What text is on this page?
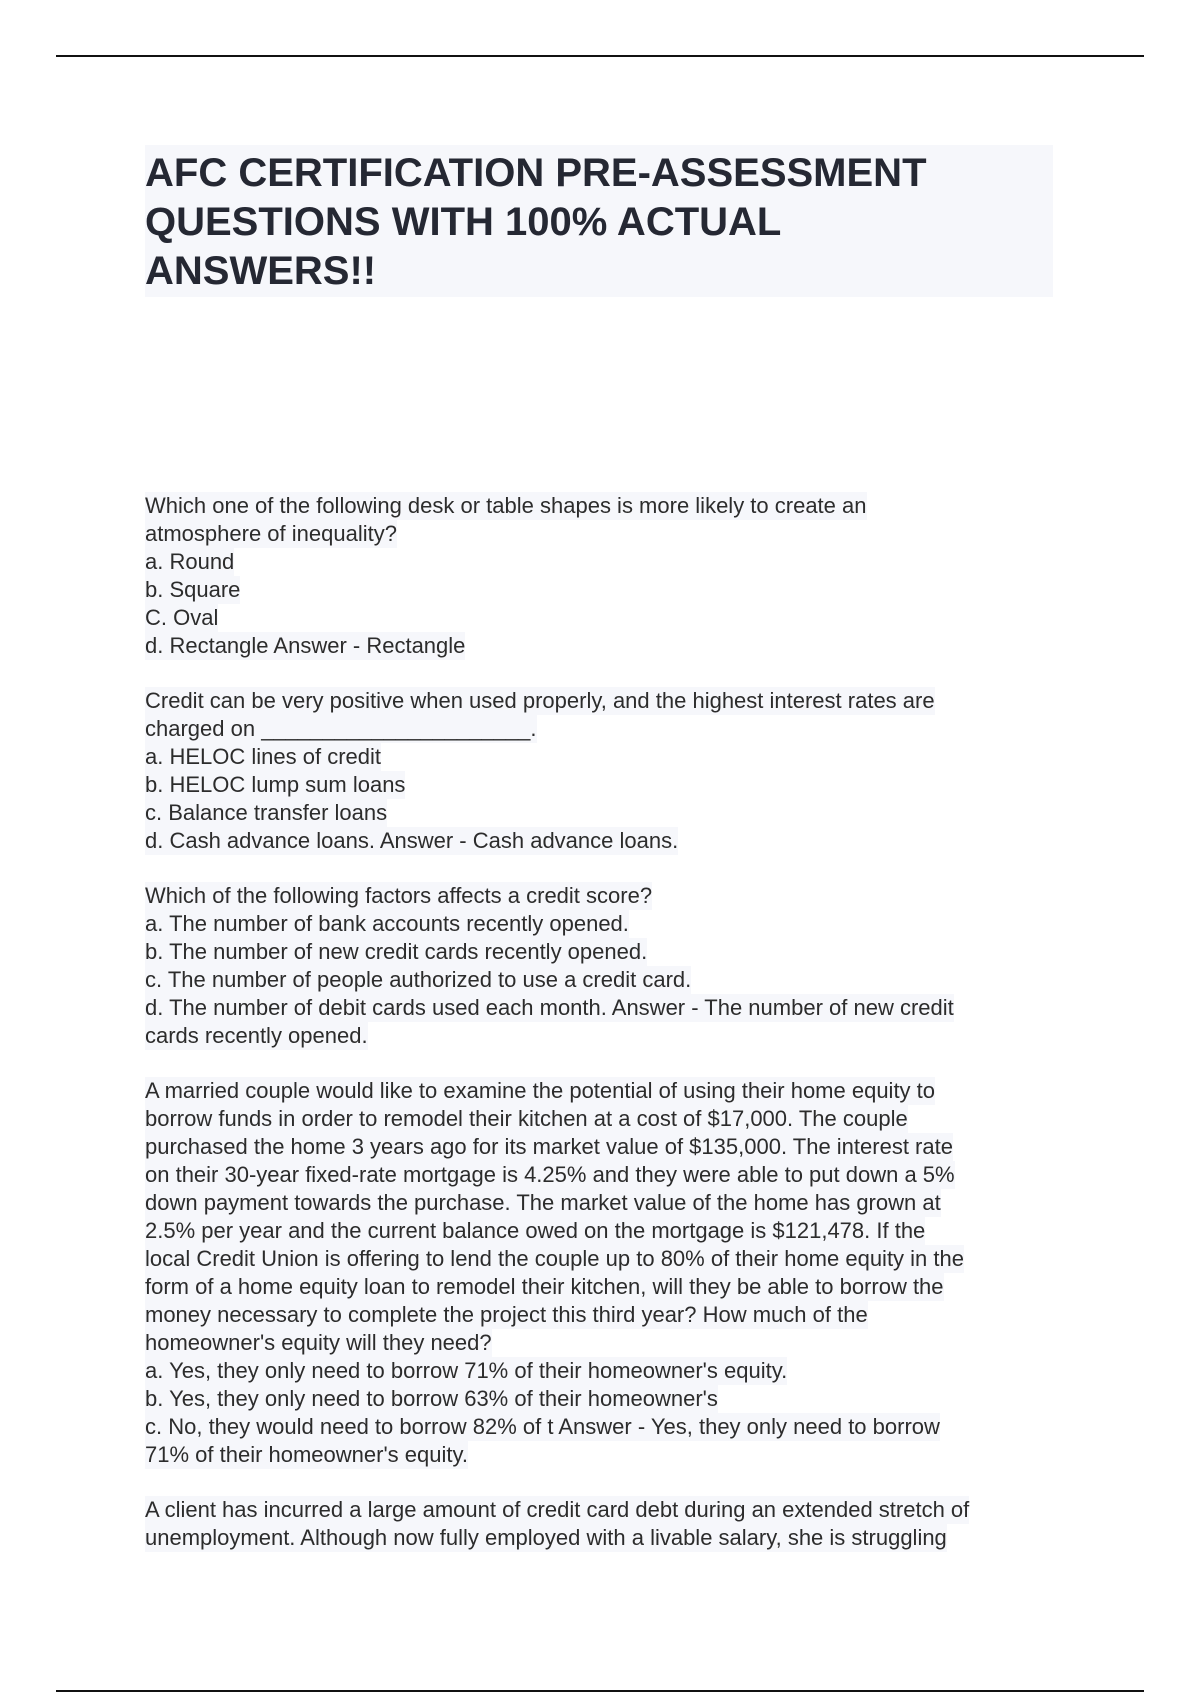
AFC CERTIFICATION PRE-ASSESSMENT

QUESTIONS WITH 100% ACTUAL

ANSWERS!!

Which one of the following desk or table shapes is more likely to create an
atmosphere of inequality?
a. Round
b. Square
C. Oval
d. Rectangle Answer - Rectangle
Credit can be very positive when used properly, and the highest interest rates are
charged on ______________________.
a. HELOC lines of credit
b. HELOC lump sum loans
c. Balance transfer loans
d. Cash advance loans. Answer - Cash advance loans.
Which of the following factors affects a credit score?
a. The number of bank accounts recently opened.
b. The number of new credit cards recently opened.
c. The number of people authorized to use a credit card.
d. The number of debit cards used each month. Answer - The number of new credit
cards recently opened.
A married couple would like to examine the potential of using their home equity to
borrow funds in order to remodel their kitchen at a cost of $17,000. The couple
purchased the home 3 years ago for its market value of $135,000. The interest rate
on their 30-year fixed-rate mortgage is 4.25% and they were able to put down a 5%
down payment towards the purchase. The market value of the home has grown at
2.5% per year and the current balance owed on the mortgage is $121,478. If the
local Credit Union is offering to lend the couple up to 80% of their home equity in the
form of a home equity loan to remodel their kitchen, will they be able to borrow the
money necessary to complete the project this third year? How much of the
homeowner's equity will they need?
a. Yes, they only need to borrow 71% of their homeowner's equity.
b. Yes, they only need to borrow 63% of their homeowner's
c. No, they would need to borrow 82% of t Answer - Yes, they only need to borrow
71% of their homeowner's equity.
A client has incurred a large amount of credit card debt during an extended stretch of
unemployment. Although now fully employed with a livable salary, she is struggling
